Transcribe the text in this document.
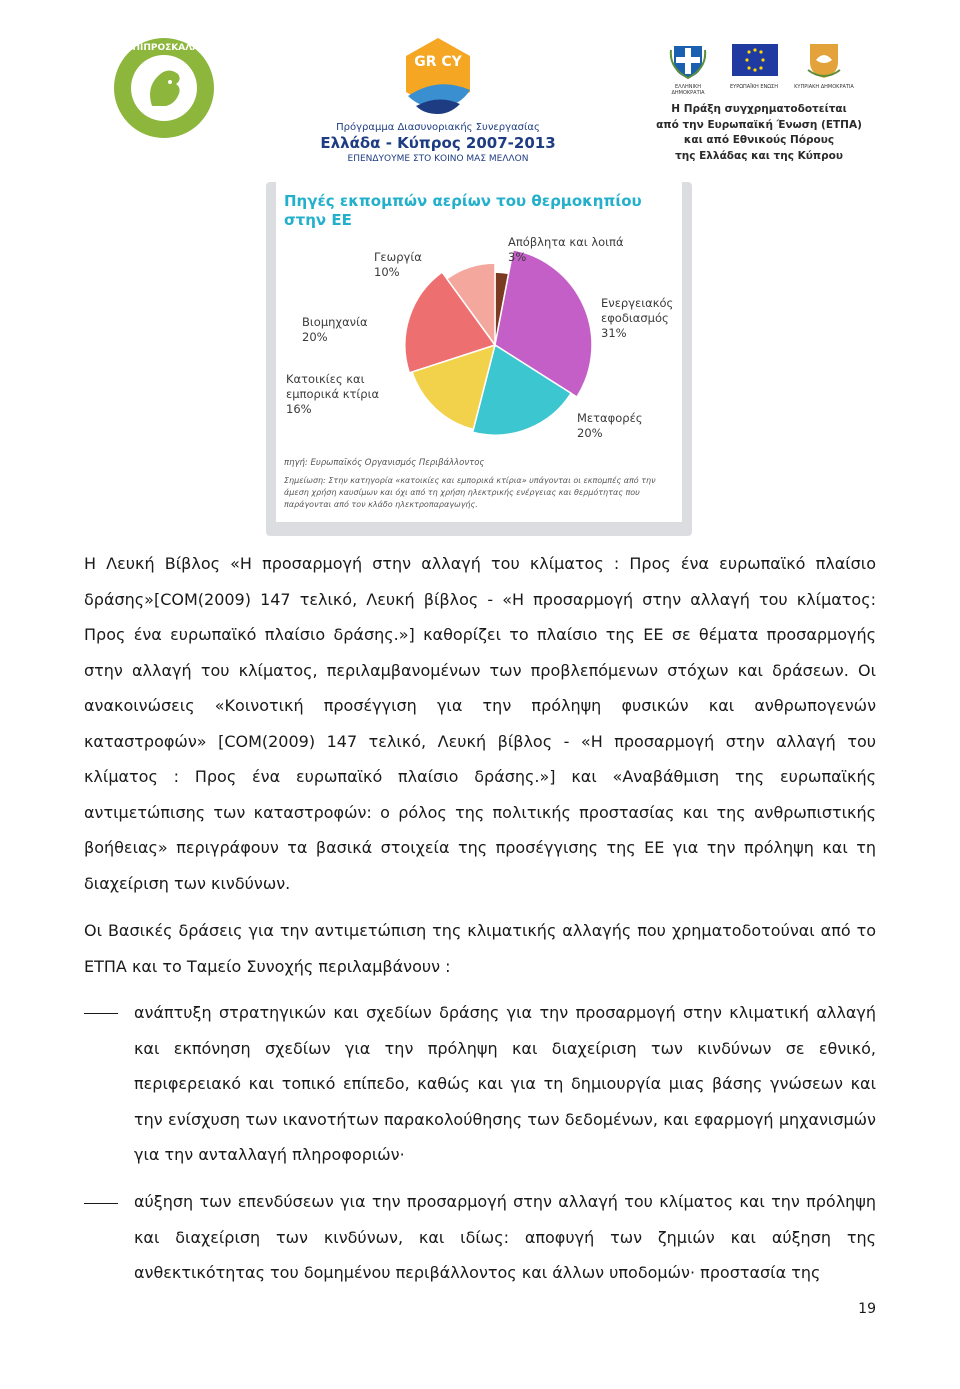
ΛΑΠΙΠΡΟΣΚΑΛΑΙΑ
GR CY
Πρόγραμμα Διασυνοριακής Συνεργασίας
Ελλάδα - Κύπρος 2007-2013
ΕΠΕΝΔΥΟΥΜΕ ΣΤΟ ΚΟΙΝΟ ΜΑΣ ΜΕΛΛΟΝ
ΕΛΛΗΝΙΚΗ ΔΗΜΟΚΡΑΤΙΑ
ΕΥΡΩΠΑΪΚΗ ΕΝΩΣΗ	ΚΥΠΡΙΑΚΗ ΔΗΜΟΚΡΑΤΙΑ
Η Πράξη συγχρηματοδοτείται
από την Ευρωπαϊκή Ένωση (ΕΤΠΑ)
και από Εθνικούς Πόρους
της Ελλάδας και της Κύπρου
Πηγές εκπομπών αερίων του θερμοκηπίου στην ΕΕ
Απόβλητα και λοιπά
3%
Ενεργειακός
εφοδιασμός
31%
Μεταφορές
20%
Κατοικίες και
εμπορικά κτίρια
16%
Βιομηχανία
20%
Γεωργία
10%
πηγή: Ευρωπαϊκός Οργανισμός Περιβάλλοντος
Σημείωση: Στην κατηγορία «κατοικίες και εμπορικά κτίρια» υπάγονται οι εκπομπές από την άμεση χρήση καυσίμων και όχι από τη χρήση ηλεκτρικής ενέργειας και θερμότητας που παράγονται από τον κλάδο ηλεκτροπαραγωγής.
Η Λευκή Βίβλος «Η προσαρμογή στην αλλαγή του κλίματος : Προς ένα ευρωπαϊκό πλαίσιο δράσης»[COM(2009) 147 τελικό, Λευκή βίβλος - «Η προσαρμογή στην αλλαγή του κλίματος: Προς ένα ευρωπαϊκό πλαίσιο δράσης.»] καθορίζει το πλαίσιο της ΕΕ σε θέματα προσαρμογής στην αλλαγή του κλίματος, περιλαμβανομένων των προβλεπόμενων στόχων και δράσεων. Οι ανακοινώσεις «Κοινοτική προσέγγιση για την πρόληψη φυσικών και ανθρωπογενών καταστροφών» [COM(2009) 147 τελικό, Λευκή βίβλος - «Η προσαρμογή στην αλλαγή του κλίματος : Προς ένα ευρωπαϊκό πλαίσιο δράσης.»] και «Αναβάθμιση της ευρωπαϊκής αντιμετώπισης των καταστροφών: ο ρόλος της πολιτικής προστασίας και της ανθρωπιστικής βοήθειας» περιγράφουν τα βασικά στοιχεία της προσέγγισης της ΕΕ για την πρόληψη και τη διαχείριση των κινδύνων.
Οι Βασικές δράσεις για την αντιμετώπιση της κλιματικής αλλαγής που χρηματοδοτούναι από το ΕΤΠΑ και το Ταμείο Συνοχής περιλαμβάνουν :
ανάπτυξη στρατηγικών και σχεδίων δράσης για την προσαρμογή στην κλιματική αλλαγή και εκπόνηση σχεδίων για την πρόληψη και διαχείριση των κινδύνων σε εθνικό, περιφερειακό και τοπικό επίπεδο, καθώς και για τη δημιουργία μιας βάσης γνώσεων και την ενίσχυση των ικανοτήτων παρακολούθησης των δεδομένων, και εφαρμογή μηχανισμών για την ανταλλαγή πληροφοριών·
αύξηση των επενδύσεων για την προσαρμογή στην αλλαγή του κλίματος και την πρόληψη και διαχείριση των κινδύνων, και ιδίως: αποφυγή των ζημιών και αύξηση της ανθεκτικότητας του δομημένου περιβάλλοντος και άλλων υποδομών· προστασία της
19
